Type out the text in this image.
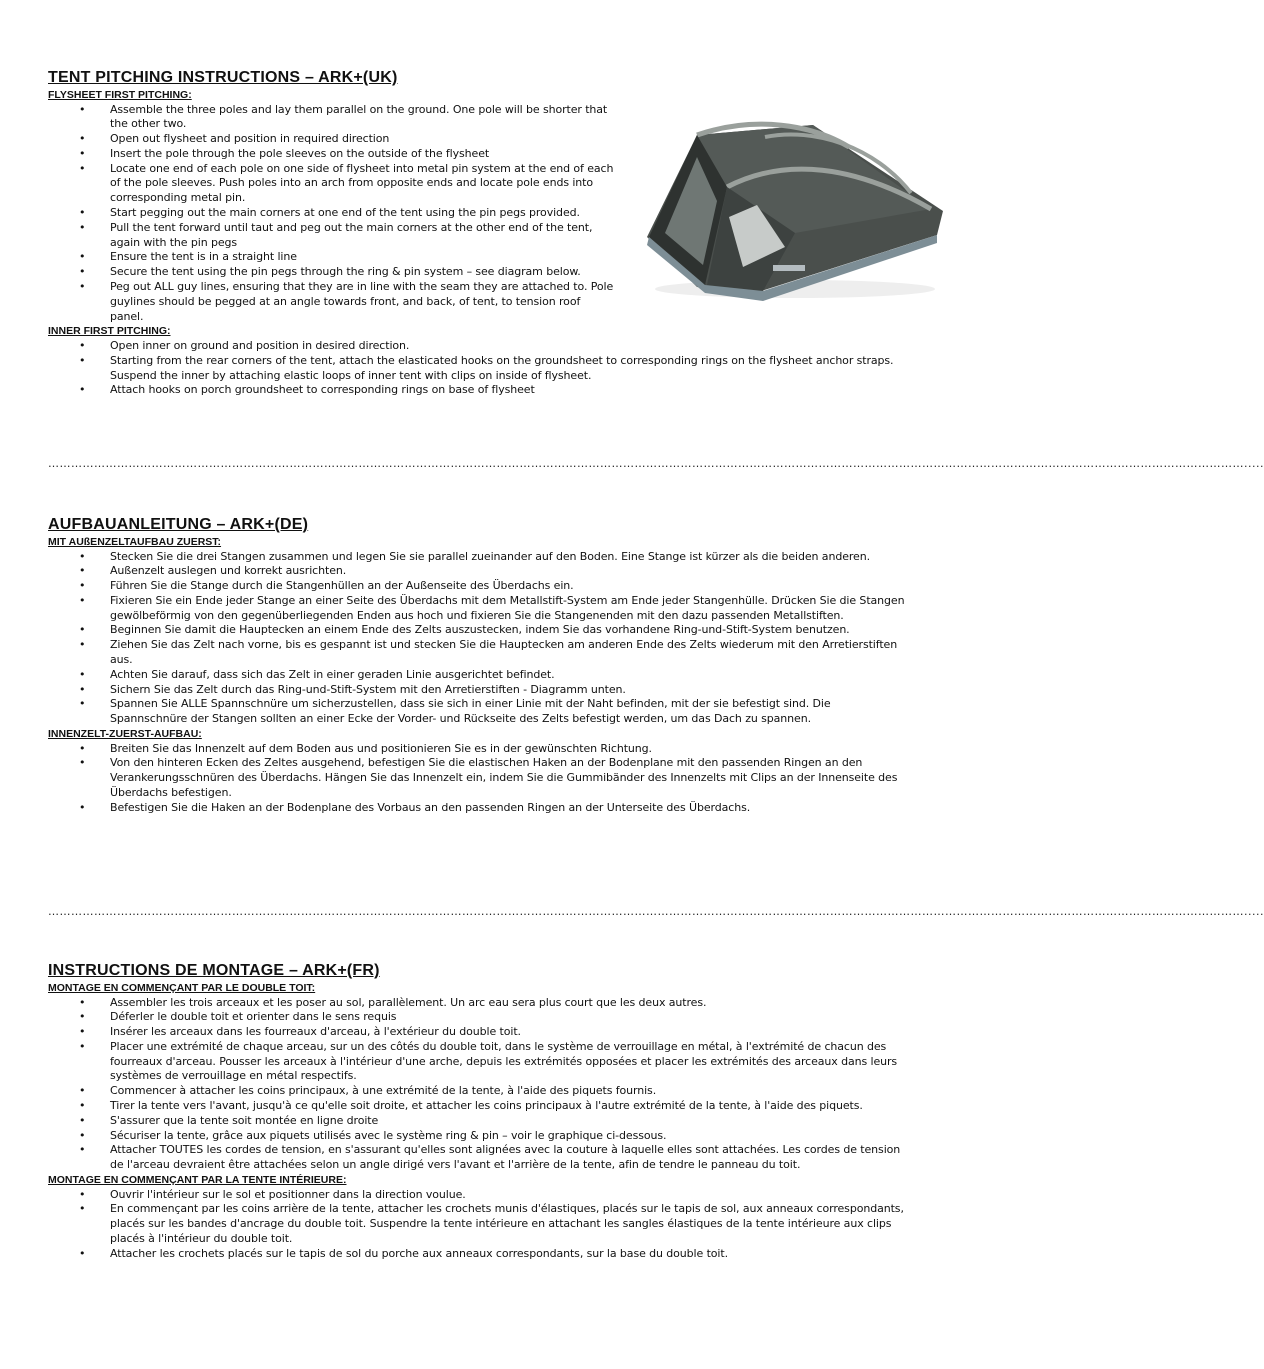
TENT PITCHING INSTRUCTIONS – ARK+(UK)
FLYSHEET FIRST PITCHING:
• Assemble the three poles and lay them parallel on the ground. One pole will be shorter that the other two.
• Open out flysheet and position in required direction
• Insert the pole through the pole sleeves on the outside of the flysheet
• Locate one end of each pole on one side of flysheet into metal pin system at the end of each of the pole sleeves. Push poles into an arch from opposite ends and locate pole ends into corresponding metal pin.
• Start pegging out the main corners at one end of the tent using the pin pegs provided.
• Pull the tent forward until taut and peg out the main corners at the other end of the tent, again with the pin pegs
• Ensure the tent is in a straight line
• Secure the tent using the pin pegs through the ring & pin system – see diagram below.
• Peg out ALL guy lines, ensuring that they are in line with the seam they are attached to. Pole guylines should be pegged at an angle towards front, and back, of tent, to tension roof panel.
INNER FIRST PITCHING:
• Open inner on ground and position in desired direction.
• Starting from the rear corners of the tent, attach the elasticated hooks on the groundsheet to corresponding rings on the flysheet anchor straps. Suspend the inner by attaching elastic loops of inner tent with clips on inside of flysheet.
• Attach hooks on porch groundsheet to corresponding rings on base of flysheet
…………………………………………………………………………………………………………………………………………………………………………………………………………………………………………………………………………………….....
AUFBAUANLEITUNG – ARK+(DE)
MIT AUßENZELTAUFBAU ZUERST:
• Stecken Sie die drei Stangen zusammen und legen Sie sie parallel zueinander auf den Boden. Eine Stange ist kürzer als die beiden anderen.
• Außenzelt auslegen und korrekt ausrichten.
• Führen Sie die Stange durch die Stangenhüllen an der Außenseite des Überdachs ein.
• Fixieren Sie ein Ende jeder Stange an einer Seite des Überdachs mit dem Metallstift-System am Ende jeder Stangenhülle. Drücken Sie die Stangen gewölbeförmig von den gegenüberliegenden Enden aus hoch und fixieren Sie die Stangenenden mit den dazu passenden Metallstiften.
• Beginnen Sie damit die Hauptecken an einem Ende des Zelts auszustecken, indem Sie das vorhandene Ring-und-Stift-System benutzen.
• Ziehen Sie das Zelt nach vorne, bis es gespannt ist und stecken Sie die Hauptecken am anderen Ende des Zelts wiederum mit den Arretierstiften aus.
• Achten Sie darauf, dass sich das Zelt in einer geraden Linie ausgerichtet befindet.
• Sichern Sie das Zelt durch das Ring-und-Stift-System mit den Arretierstiften - Diagramm unten.
• Spannen Sie ALLE Spannschnüre um sicherzustellen, dass sie sich in einer Linie mit der Naht befinden, mit der sie befestigt sind. Die Spannschnüre der Stangen sollten an einer Ecke der Vorder- und Rückseite des Zelts befestigt werden, um das Dach zu spannen.
INNENZELT-ZUERST-AUFBAU:
• Breiten Sie das Innenzelt auf dem Boden aus und positionieren Sie es in der gewünschten Richtung.
• Von den hinteren Ecken des Zeltes ausgehend, befestigen Sie die elastischen Haken an der Bodenplane mit den passenden Ringen an den Verankerungsschnüren des Überdachs. Hängen Sie das Innenzelt ein, indem Sie die Gummibänder des Innenzelts mit Clips an der Innenseite des Überdachs befestigen.
• Befestigen Sie die Haken an der Bodenplane des Vorbaus an den passenden Ringen an der Unterseite des Überdachs.
…………………………………………………………………………………………………………………………………………………………………………………………………………………………………………………………………………………….....
INSTRUCTIONS DE MONTAGE – ARK+(FR)
MONTAGE EN COMMENÇANT PAR LE DOUBLE TOIT:
• Assembler les trois arceaux et les poser au sol, parallèlement. Un arc eau sera plus court que les deux autres.
• Déferler le double toit et orienter dans le sens requis
• Insérer les arceaux dans les fourreaux d'arceau, à l'extérieur du double toit.
• Placer une extrémité de chaque arceau, sur un des côtés du double toit, dans le système de verrouillage en métal, à l'extrémité de chacun des fourreaux d'arceau. Pousser les arceaux à l'intérieur d'une arche, depuis les extrémités opposées et placer les extrémités des arceaux dans leurs systèmes de verrouillage en métal respectifs.
• Commencer à attacher les coins principaux, à une extrémité de la tente, à l'aide des piquets fournis.
• Tirer la tente vers l'avant, jusqu'à ce qu'elle soit droite, et attacher les coins principaux à l'autre extrémité de la tente, à l'aide des piquets.
• S'assurer que la tente soit montée en ligne droite
• Sécuriser la tente, grâce aux piquets utilisés avec le système ring & pin – voir le graphique ci-dessous.
• Attacher TOUTES les cordes de tension, en s'assurant qu'elles sont alignées avec la couture à laquelle elles sont attachées. Les cordes de tension de l'arceau devraient être attachées selon un angle dirigé vers l'avant et l'arrière de la tente, afin de tendre le panneau du toit.
MONTAGE EN COMMENÇANT PAR LA TENTE INTÉRIEURE:
• Ouvrir l'intérieur sur le sol et positionner dans la direction voulue.
• En commençant par les coins arrière de la tente, attacher les crochets munis d'élastiques, placés sur le tapis de sol, aux anneaux correspondants, placés sur les bandes d'ancrage du double toit. Suspendre la tente intérieure en attachant les sangles élastiques de la tente intérieure aux clips placés à l'intérieur du double toit.
• Attacher les crochets placés sur le tapis de sol du porche aux anneaux correspondants, sur la base du double toit.
